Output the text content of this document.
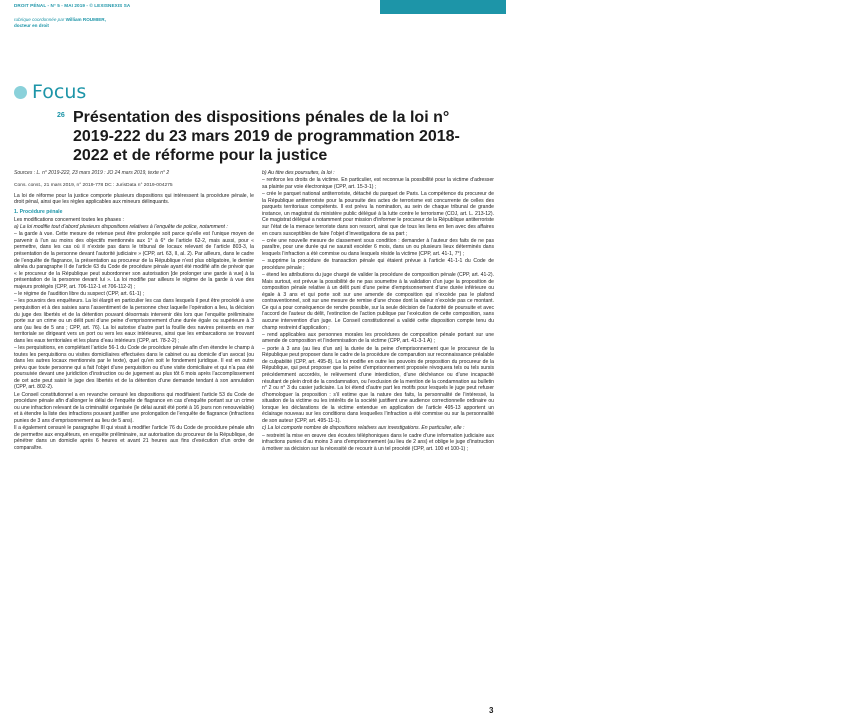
DROIT PÉNAL - N° 5 - MAI 2019 - © LEXISNEXIS SA	ALERTES
rubrique coordonnée par William ROUMIER,
docteur en droit
Focus
26 Présentation des dispositions pénales de la loi n° 2019-222 du 23 mars 2019 de programmation 2018-2022 et de réforme pour la justice
Sources : L. n° 2019-222, 23 mars 2019 : JO 24 mars 2019, texte n° 2

Cons. const., 21 mars 2019, n° 2019-778 DC : JurisData n° 2019-004275

La loi de réforme pour la justice comporte plusieurs dispositions qui intéressent la procédure pénale, le droit pénal, ainsi que les règles applicables aux mineurs délinquants.

1. Procédure pénale

Les modifications concernent toutes les phases :

a) La loi modifie tout d’abord plusieurs dispositions relatives à l’enquête de police, notamment :

– la garde à vue. Cette mesure de retenue peut être prolongée soit parce qu’elle est l’unique moyen de parvenir à l’un au moins des objectifs mentionnés aux 1° à 6° de l’article 62-2, mais aussi, pour « permettre, dans les cas où il n’existe pas dans le tribunal de locaux relevant de l’article 803-3, la présentation de la personne devant l’autorité judiciaire » (CPP, art. 63, II, al. 2). Par ailleurs, dans le cadre de l’enquête de flagrance, la présentation au procureur de la République n’est plus obligatoire, le dernier alinéa du paragraphe II de l’article 63 du Code de procédure pénale ayant été modifié afin de prévoir que « le procureur de la République peut subordonner son autorisation [de prolonger une garde à vue] à la présentation de la personne devant lui ». La loi modifie par ailleurs le régime de la garde à vue des majeurs protégés (CPP, art. 706-112-1 et 706-112-2) ;

– le régime de l’audition libre du suspect (CPP, art. 61-1) ;

– les pouvoirs des enquêteurs. La loi élargit en particulier les cas dans lesquels il peut être procédé à une perquisition et à des saisies sans l’assentiment de la personne chez laquelle l’opération a lieu, la décision du juge des libertés et de la détention pouvant désormais intervenir dès lors que l’enquête préliminaire porte sur un crime ou un délit puni d’une peine d’emprisonnement d’une durée égale ou supérieure à 3 ans (au lieu de 5 ans ; CPP, art. 76). La loi autorise d’autre part la fouille des navires présents en mer territoriale se dirigeant vers un port ou vers les eaux intérieures, ainsi que les embarcations se trouvant dans les eaux territoriales et les plans d’eau intérieurs (CPP, art. 78-2-2) ;

– les perquisitions, en complétant l’article 56-1 du Code de procédure pénale afin d’en étendre le champ à toutes les perquisitions ou visites domiciliaires effectuées dans le cabinet ou au domicile d’un avocat (ou dans les autres locaux mentionnés par le texte), quel qu’en soit le fondement juridique. Il est en outre prévu que toute personne qui a fait l’objet d’une perquisition ou d’une visite domiciliaire et qui n’a pas été poursuivie devant une juridiction d’instruction ou de jugement au plus tôt 6 mois après l’accomplissement de cet acte peut saisir le juge des libertés et de la détention d’une demande tendant à son annulation (CPP, art. 802-2).

Le Conseil constitutionnel a en revanche censuré les dispositions qui modifiaient l’article 53 du Code de procédure pénale afin d’allonger le délai de l’enquête de flagrance en cas d’enquête portant sur un crime ou une infraction relevant de la criminalité organisée (le délai aurait été porté à 16 jours non renouvelable) et à étendre la liste des infractions pouvant justifier une prolongation de l’enquête de flagrance (infractions punies de 3 ans d’emprisonnement au lieu de 5 ans).

Il a également censuré le paragraphe III qui visait à modifier l’article 76 du Code de procédure pénale afin de permettre aux enquêteurs, en enquête préliminaire, sur autorisation du procureur de la République, de pénétrer dans un domicile après 6 heures et avant 21 heures aux fins d’exécution d’un ordre de comparaître.

b) Au titre des poursuites, la loi :

– renforce les droits de la victime. En particulier, est reconnue la possibilité pour la victime d’adresser sa plainte par voie électronique (CPP, art. 15-3-1) ;

– crée le parquet national antiterroriste, détaché du parquet de Paris. La compétence du procureur de la République antiterroriste pour la poursuite des actes de terrorisme est concurrente de celles des parquets territoriaux compétents. Il est prévu la nomination, au sein de chaque tribunal de grande instance, un magistrat du ministère public délégué à la lutte contre le terrorisme (COJ, art. L. 213-12). Ce magistrat délégué a notamment pour mission d’informer le procureur de la République antiterroriste sur l’état de la menace terroriste dans son ressort, ainsi que de tous les liens en lien avec des affaires en cours susceptibles de faire l’objet d’investigations de sa part ;

– crée une nouvelle mesure de classement sous condition : demander à l’auteur des faits de ne pas paraître, pour une durée qui ne saurait excéder 6 mois, dans un ou plusieurs lieux déterminés dans lesquels l’infraction a été commise ou dans lesquels réside la victime (CPP, art. 41-1, 7°) ;

– supprime la procédure de transaction pénale qui étaient prévue à l’article 41-1-1 du Code de procédure pénale ;

– étend les attributions du juge chargé de valider la procédure de composition pénale (CPP, art. 41-2). Mais surtout, est prévue la possibilité de ne pas soumettre à la validation d’un juge la proposition de composition pénale relative à un délit puni d’une peine d’emprisonnement d’une durée inférieure ou égale à 3 ans et qui porte soit sur une amende de composition qui n’excède pas le plafond contraventionnel, soit sur une mesure de remise d’une chose dont la valeur n’excède pas ce montant. Ce qui a pour conséquence de rendre possible, sur la seule décision de l’autorité de poursuite et avec l’accord de l’auteur du délit, l’extinction de l’action publique par l’exécution de cette composition, sans aucune intervention d’un juge. Le Conseil constitutionnel a validé cette disposition compte tenu du champ restreint d’application ;

– rend applicables aux personnes morales les procédures de composition pénale portant sur une amende de composition et l’indemnisation de la victime (CPP, art. 41-3-1 A) ;

– porte à 3 ans (au lieu d’un an) la durée de la peine d’emprisonnement que le procureur de la République peut proposer dans le cadre de la procédure de comparution sur reconnaissance préalable de culpabilité (CPP, art. 495-8). La loi modifie en outre les pouvoirs de proposition du procureur de la République, qui peut proposer que la peine d’emprisonnement proposée révoquera tels ou tels sursis précédemment accordés, le relèvement d’une interdiction, d’une déchéance ou d’une incapacité résultant de plein droit de la condamnation, ou l’exclusion de la mention de la condamnation au bulletin n° 2 ou n° 3 du casier judiciaire. La loi étend d’autre part les motifs pour lesquels le juge peut refuser d’homologuer la proposition : s’il estime que la nature des faits, la personnalité de l’intéressé, la situation de la victime ou les intérêts de la société justifient une audience correctionnelle ordinaire ou lorsque les déclarations de la victime entendue en application de l’article 495-13 apportent un éclairage nouveau sur les conditions dans lesquelles l’infraction a été commise ou sur la personnalité de son auteur (CPP, art. 495-11-1).

c) La loi comporte nombre de dispositions relatives aux investigations. En particulier, elle :

– restreint la mise en œuvre des écoutes téléphoniques dans le cadre d’une information judiciaire aux infractions punies d’au moins 3 ans d’emprisonnement (au lieu de 2 ans) et oblige le juge d’instruction à motiver sa décision sur la nécessité de recourir à un tel procédé (CPP, art. 100 et 100-1) ;

3
